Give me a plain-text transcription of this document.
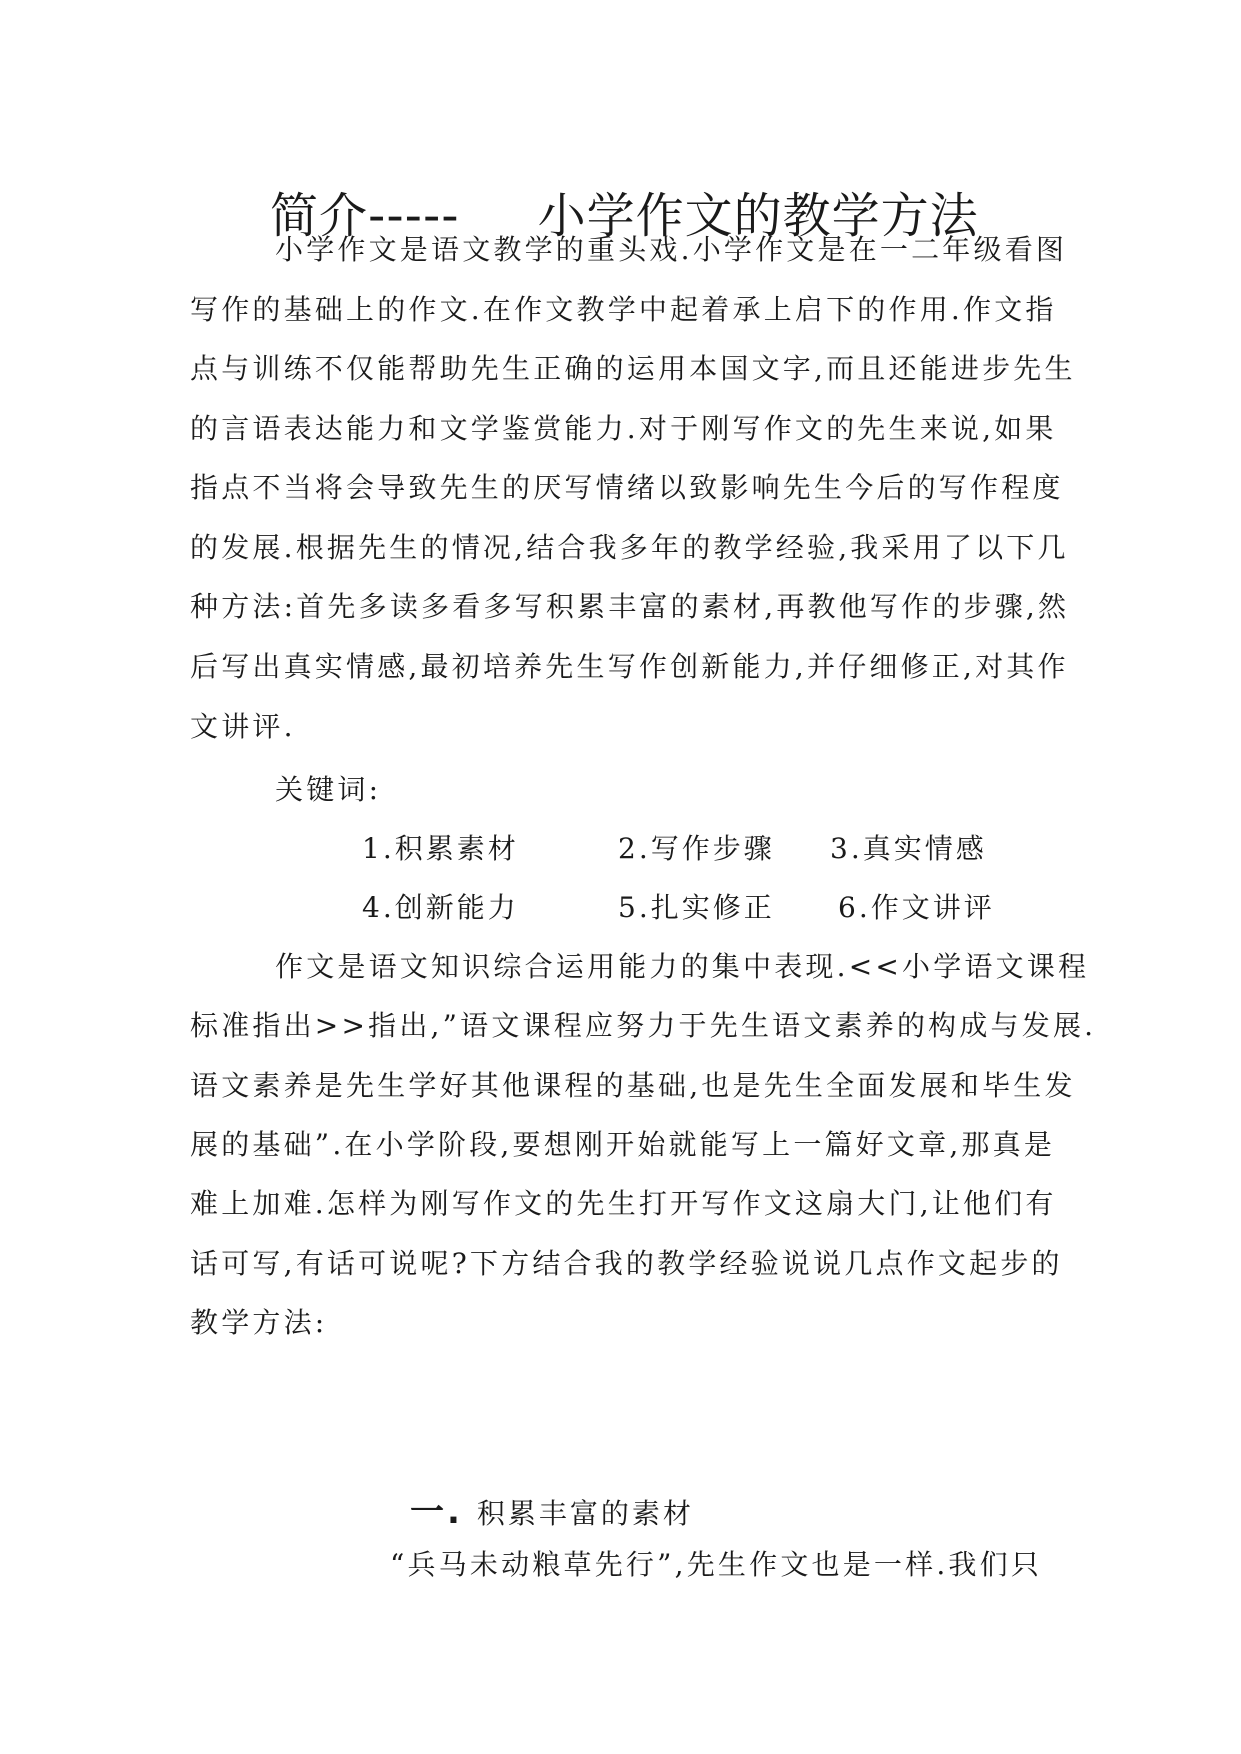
简介----- 小学作文的教学方法
小学作文是语文教学的重头戏.小学作文是在一二年级看图
写作的基础上的作文.在作文教学中起着承上启下的作用.作文指
点与训练不仅能帮助先生正确的运用本国文字,而且还能进步先生
的言语表达能力和文学鉴赏能力.对于刚写作文的先生来说,如果
指点不当将会导致先生的厌写情绪以致影响先生今后的写作程度
的发展.根据先生的情况,结合我多年的教学经验,我采用了以下几
种方法:首先多读多看多写积累丰富的素材,再教他写作的步骤,然
后写出真实情感,最初培养先生写作创新能力,并仔细修正,对其作
文讲评.
关键词:
1.积累素材	2.写作步骤 3.真实情感
4.创新能力	5.扎实修正 6.作文讲评
作文是语文知识综合运用能力的集中表现.<<小学语文课程
标准指出>>指出,”语文课程应努力于先生语文素养的构成与发展.
语文素养是先生学好其他课程的基础,也是先生全面发展和毕生发
展的基础”.在小学阶段,要想刚开始就能写上一篇好文章,那真是
难上加难.怎样为刚写作文的先生打开写作文这扇大门,让他们有
话可写,有话可说呢?下方结合我的教学经验说说几点作文起步的
教学方法:
一. 积累丰富的素材
“兵马未动粮草先行”,先生作文也是一样.我们只
